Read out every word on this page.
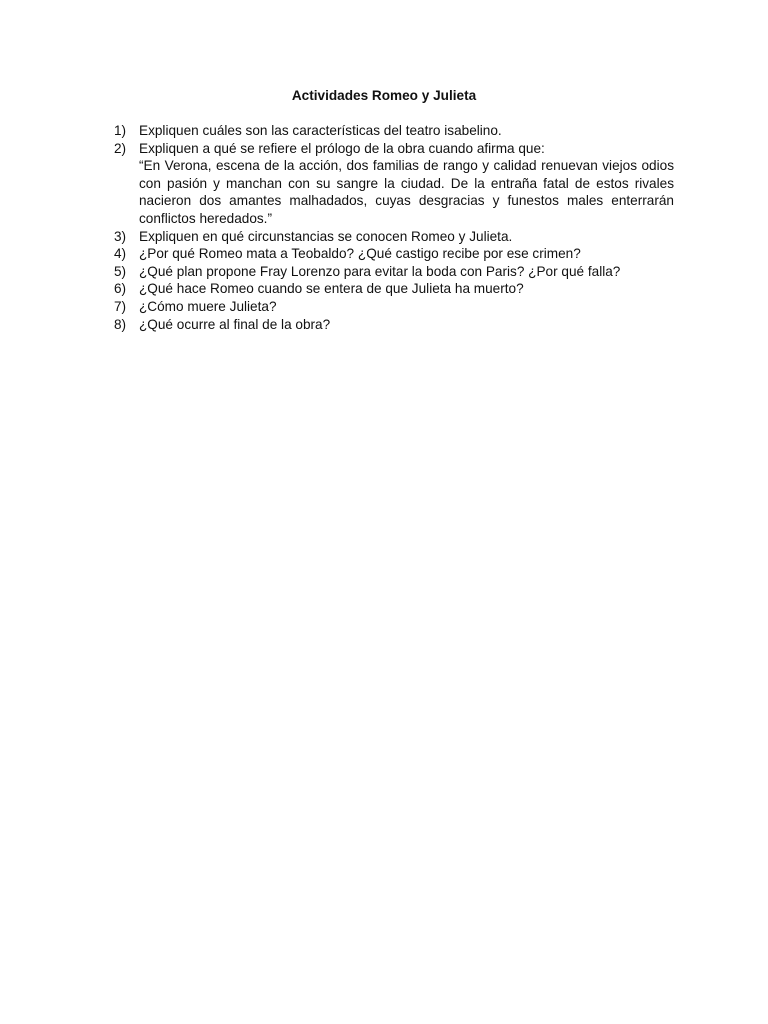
Actividades Romeo y Julieta
1) Expliquen cuáles son las características del teatro isabelino.
2) Expliquen a qué se refiere el prólogo de la obra cuando afirma que:
“En Verona, escena de la acción, dos familias de rango y calidad renuevan viejos odios con pasión y manchan con su sangre la ciudad. De la entraña fatal de estos rivales nacieron dos amantes malhadados, cuyas desgracias y funestos males enterrarán conflictos heredados.”
3) Expliquen en qué circunstancias se conocen Romeo y Julieta.
4) ¿Por qué Romeo mata a Teobaldo? ¿Qué castigo recibe por ese crimen?
5) ¿Qué plan propone Fray Lorenzo para evitar la boda con Paris? ¿Por qué falla?
6) ¿Qué hace Romeo cuando se entera de que Julieta ha muerto?
7) ¿Cómo muere Julieta?
8) ¿Qué ocurre al final de la obra?
